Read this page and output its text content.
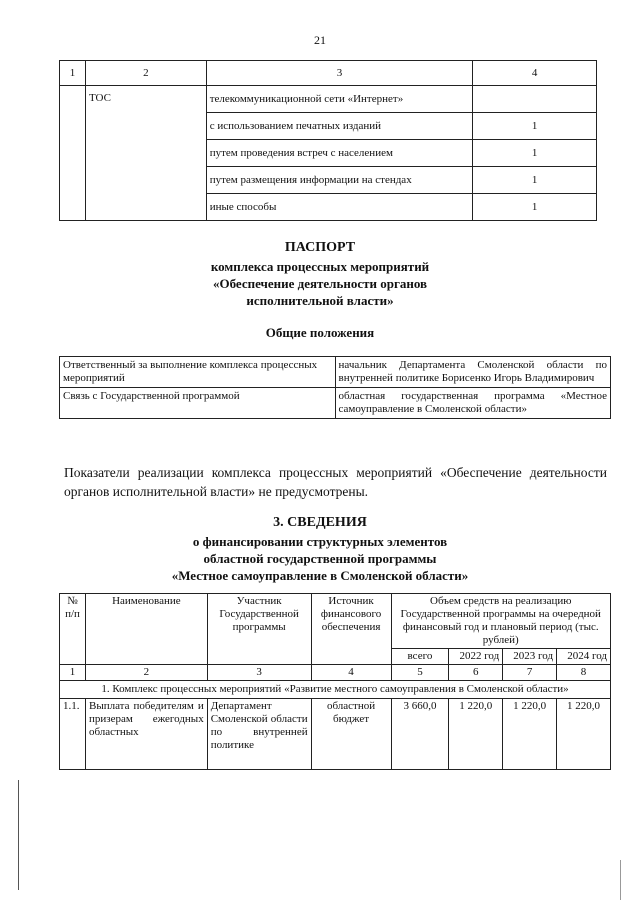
21
1	2	3	4
	ТОС	телекоммуникационной сети «Интернет»	
		с использованием печатных изданий	1
		путем проведения встреч с населением	1
		путем размещения информации на стендах	1
		иные способы	1
ПАСПОРТ
комплекса процессных мероприятий
«Обеспечение деятельности органов
исполнительной власти»
Общие положения
Ответственный за выполнение комплекса процессных мероприятий	начальник Департамента Смоленской области по внутренней политике Борисенко Игорь Владимирович
Связь с Государственной программой	областная государственная программа «Местное самоуправление в Смоленской области»
Показатели реализации комплекса процессных мероприятий «Обеспечение деятельности органов исполнительной власти» не предусмотрены.
3. СВЕДЕНИЯ
о финансировании структурных элементов
областной государственной программы
«Местное самоуправление в Смоленской области»
№ п/п	Наименование	Участник Государственной программы	Источник финансового обеспечения	Объем средств на реализацию Государственной программы на очередной финансовый год и плановый период (тыс. рублей)			
				всего	2022 год	2023 год	2024 год
1	2	3	4	5	6	7	8
1. Комплекс процессных мероприятий «Развитие местного самоуправления в Смоленской области»							
1.1.	Выплата победителям и призерам ежегодных областных	Департамент Смоленской области по внутренней политике	областной бюджет	3 660,0	1 220,0	1 220,0	1 220,0
